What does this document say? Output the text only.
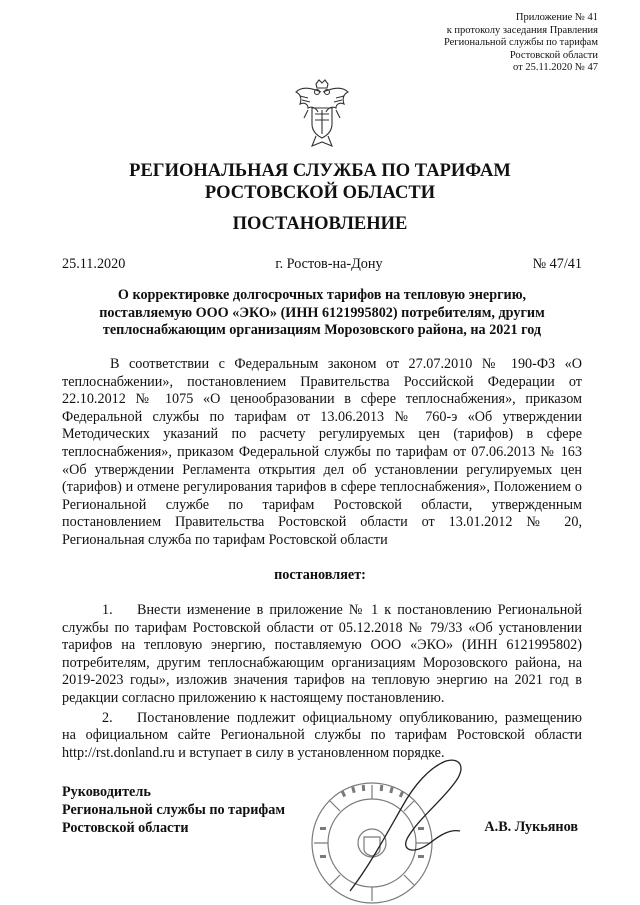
Приложение № 41
к протоколу заседания Правления
Региональной службы по тарифам
Ростовской области
от 25.11.2020 № 47
РЕГИОНАЛЬНАЯ СЛУЖБА ПО ТАРИФАМ
РОСТОВСКОЙ ОБЛАСТИ
ПОСТАНОВЛЕНИЕ
25.11.2020	г. Ростов-на-Дону	№ 47/41
О корректировке долгосрочных тарифов на тепловую энергию,
поставляемую ООО «ЭКО» (ИНН 6121995802) потребителям, другим
теплоснабжающим организациям Морозовского района, на 2021 год
В соответствии с Федеральным законом от 27.07.2010 № 190-ФЗ «О теплоснабжении», постановлением Правительства Российской Федерации от 22.10.2012 № 1075 «О ценообразовании в сфере теплоснабжения», приказом Федеральной службы по тарифам от 13.06.2013 № 760-э «Об утверждении Методических указаний по расчету регулируемых цен (тарифов) в сфере теплоснабжения», приказом Федеральной службы по тарифам от 07.06.2013 № 163 «Об утверждении Регламента открытия дел об установлении регулируемых цен (тарифов) и отмене регулирования тарифов в сфере теплоснабжения», Положением о Региональной службе по тарифам Ростовской области, утвержденным постановлением Правительства Ростовской области от 13.01.2012 № 20, Региональная служба по тарифам Ростовской области
постановляет:

1. Внести изменение в приложение № 1 к постановлению Региональной службы по тарифам Ростовской области от 05.12.2018 № 79/33 «Об установлении тарифов на тепловую энергию, поставляемую ООО «ЭКО» (ИНН 6121995802) потребителям, другим теплоснабжающим организациям Морозовского района, на 2019-2023 годы», изложив значения тарифов на тепловую энергию на 2021 год в редакции согласно приложению к настоящему постановлению.

2. Постановление подлежит официальному опубликованию, размещению на официальном сайте Региональной службы по тарифам Ростовской области http://rst.donland.ru и вступает в силу в установленном порядке.

Руководитель
Региональной службы по тарифам
Ростовской области	А.В. Лукьянов
